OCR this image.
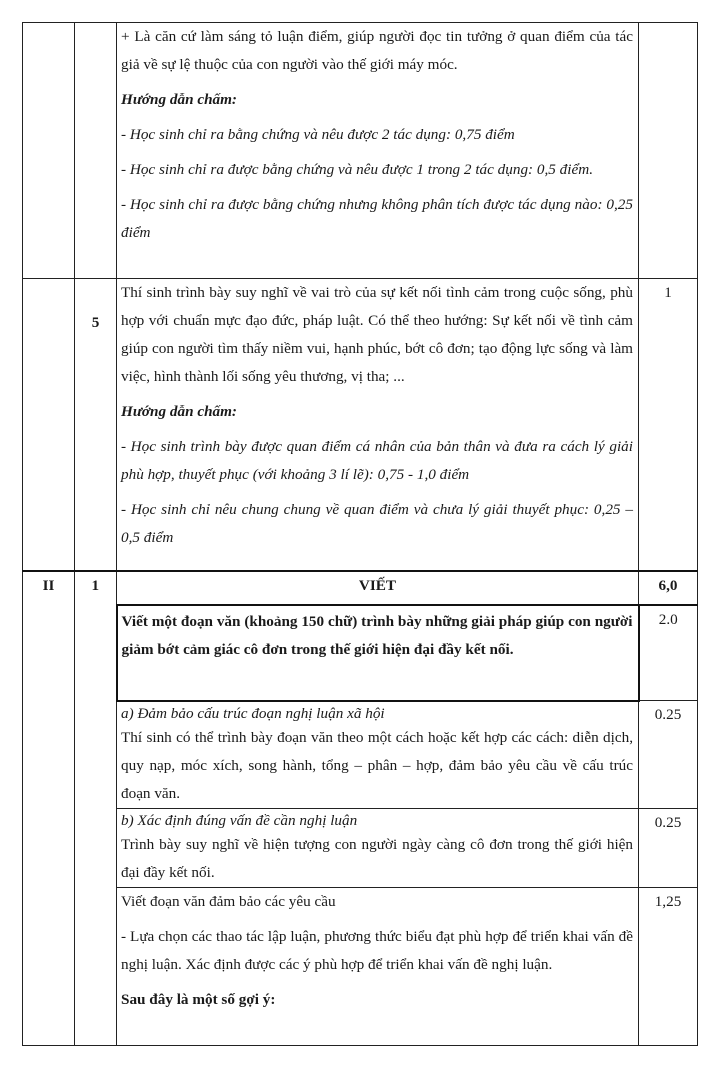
		+ Là căn cứ làm sáng tỏ luận điểm, giúp người đọc tin tưởng ở quan điểm của tác giả về sự lệ thuộc của con người vào thế giới máy móc.

Hướng dẫn chấm:

- Học sinh chỉ ra bằng chứng và nêu được 2 tác dụng: 0,75 điểm

- Học sinh chỉ ra được bằng chứng và nêu được 1 trong 2 tác dụng: 0,5 điểm.

- Học sinh chỉ ra được bằng chứng nhưng không phân tích được tác dụng nào: 0,25 điểm	

	5	Thí sinh trình bày suy nghĩ về vai trò của sự kết nối tình cảm trong cuộc sống, phù hợp với chuẩn mực đạo đức, pháp luật. Có thể theo hướng: Sự kết nối về tình cảm giúp con người tìm thấy niềm vui, hạnh phúc, bớt cô đơn; tạo động lực sống và làm việc, hình thành lối sống yêu thương, vị tha; ...

Hướng dẫn chấm:

- Học sinh trình bày được quan điểm cá nhân của bản thân và đưa ra cách lý giải phù hợp, thuyết phục (với khoảng 3 lí lẽ): 0,75 - 1,0 điểm

- Học sinh chỉ nêu chung chung về quan điểm và chưa lý giải thuyết phục: 0,25 – 0,5 điểm	1
II	1	VIẾT	6,0

		Viết một đoạn văn (khoảng 150 chữ) trình bày những giải pháp giúp con người giảm bớt cảm giác cô đơn trong thế giới hiện đại đầy kết nối.	2.0

		a) Đảm bảo cấu trúc đoạn nghị luận xã hội

Thí sinh có thể trình bày đoạn văn theo một cách hoặc kết hợp các cách: diễn dịch, quy nạp, móc xích, song hành, tổng – phân – hợp, đảm bảo yêu cầu về cấu trúc đoạn văn.	0.25

		b) Xác định đúng vấn đề cần nghị luận

Trình bày suy nghĩ về hiện tượng con người ngày càng cô đơn trong thế giới hiện đại đầy kết nối.	0.25

		Viết đoạn văn đảm bảo các yêu cầu

- Lựa chọn các thao tác lập luận, phương thức biểu đạt phù hợp để triển khai vấn đề nghị luận. Xác định được các ý phù hợp để triển khai vấn đề nghị luận.

Sau đây là một số gợi ý:	1,25
